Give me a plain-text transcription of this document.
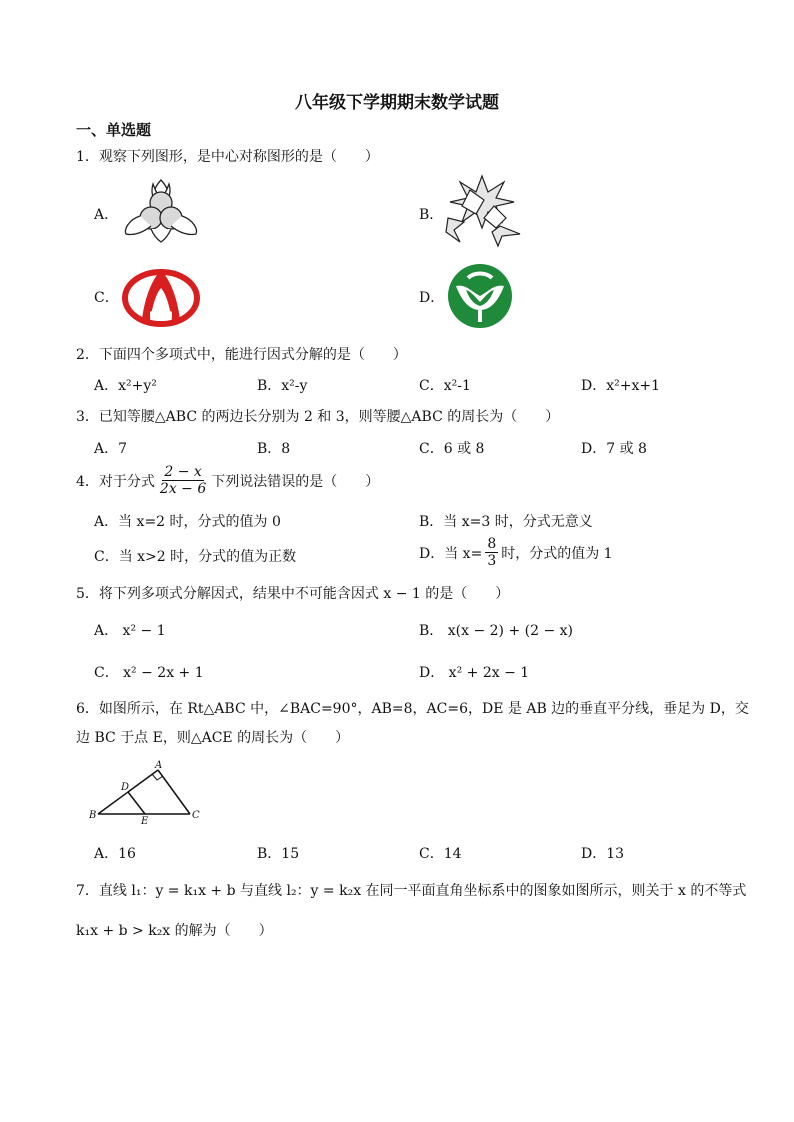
八年级下学期期末数学试题
一、单选题
1．观察下列图形，是中心对称图形的是（　　）
A．	B．
C．	D．
2．下面四个多项式中，能进行因式分解的是（　　）
A．x²+y²	B．x²-y	C．x²-1	D．x²+x+1
3．已知等腰△ABC 的两边长分别为 2 和 3，则等腰△ABC 的周长为（　　）
A．7	B．8	C．6 或 8	D．7 或 8
4．对于分式 $\frac{2 - x}{2x - 6}$ 下列说法错误的是（　　）
A．当 x=2 时，分式的值为 0	B．当 x=3 时，分式无意义
C．当 x>2 时，分式的值为正数	D．当 $x= \frac{8}{3}$ 时，分式的值为 1
5．将下列多项式分解因式，结果中不可能含因式 x − 1 的是（　　）
A． x² − 1	B． x(x − 2) + (2 − x)
C． x² − 2x + 1	D． x² + 2x − 1
6．如图所示，在 Rt△ABC 中，∠BAC=90°，AB=8，AC=6，DE 是 AB 边的垂直平分线，垂足为 D，交
边 BC 于点 E，则△ACE 的周长为（　　）
A
B	C
D
E
A．16	B．15	C．14	D．13
7．直线 l₁：y = k₁x + b 与直线 l₂：y = k₂x 在同一平面直角坐标系中的图象如图所示，则关于 x 的不等式
k₁x + b > k₂x 的解为（　　）
